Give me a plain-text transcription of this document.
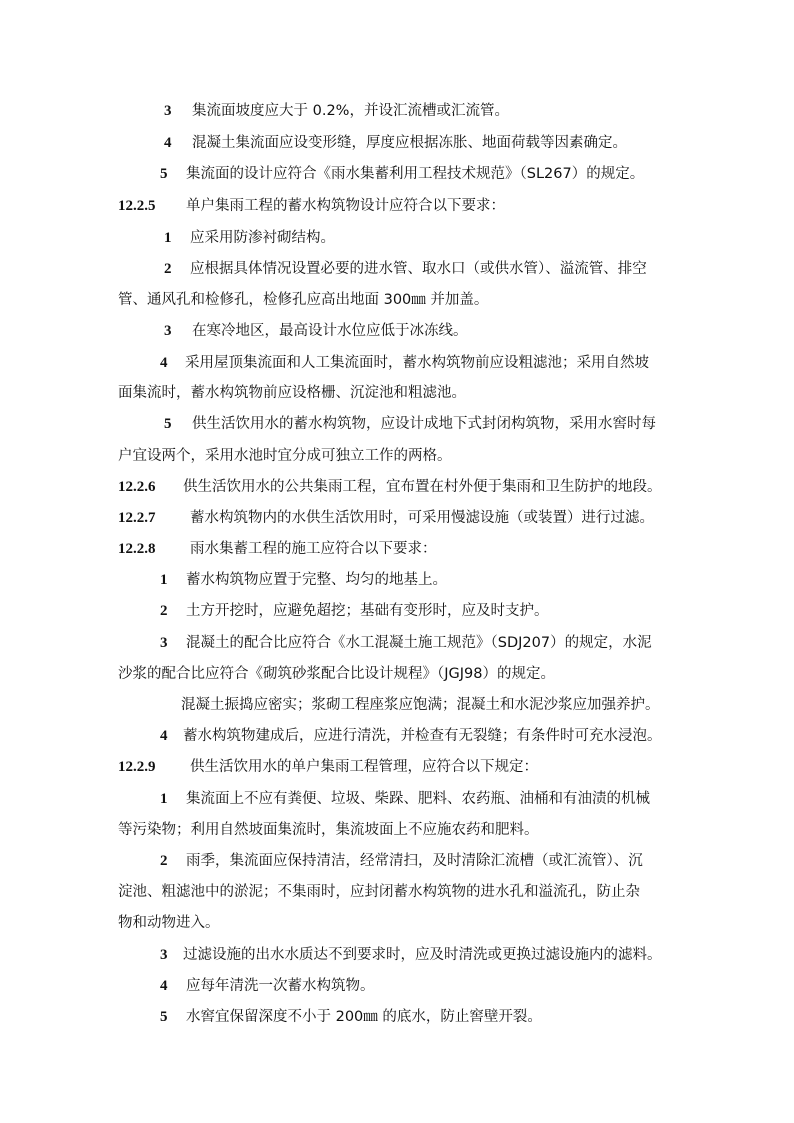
3 集流面坡度应大于 0.2%，并设汇流槽或汇流管。
4 混凝土集流面应设变形缝，厚度应根据冻胀、地面荷载等因素确定。
5 集流面的设计应符合《雨水集蓄利用工程技术规范》（SL267）的规定。
12.2.5 单户集雨工程的蓄水构筑物设计应符合以下要求：
1 应采用防渗衬砌结构。
2 应根据具体情况设置必要的进水管、取水口（或供水管）、溢流管、排空
管、通风孔和检修孔，检修孔应高出地面 300㎜ 并加盖。
3 在寒冷地区，最高设计水位应低于冰冻线。
4 采用屋顶集流面和人工集流面时，蓄水构筑物前应设粗滤池；采用自然坡
面集流时，蓄水构筑物前应设格栅、沉淀池和粗滤池。
5 供生活饮用水的蓄水构筑物，应设计成地下式封闭构筑物，采用水窖时每
户宜设两个，采用水池时宜分成可独立工作的两格。
12.2.6 供生活饮用水的公共集雨工程，宜布置在村外便于集雨和卫生防护的地段。
12.2.7 蓄水构筑物内的水供生活饮用时，可采用慢滤设施（或装置）进行过滤。
12.2.8 雨水集蓄工程的施工应符合以下要求：
1 蓄水构筑物应置于完整、均匀的地基上。
2 土方开挖时，应避免超挖；基础有变形时，应及时支护。
3 混凝土的配合比应符合《水工混凝土施工规范》（SDJ207）的规定，水泥
沙浆的配合比应符合《砌筑砂浆配合比设计规程》（JGJ98）的规定。
混凝土振捣应密实；浆砌工程座浆应饱满；混凝土和水泥沙浆应加强养护。
4 蓄水构筑物建成后，应进行清洗，并检查有无裂缝；有条件时可充水浸泡。
12.2.9 供生活饮用水的单户集雨工程管理，应符合以下规定：
1 集流面上不应有粪便、垃圾、柴跺、肥料、农药瓶、油桶和有油渍的机械
等污染物；利用自然坡面集流时，集流坡面上不应施农药和肥料。
2 雨季，集流面应保持清洁，经常清扫，及时清除汇流槽（或汇流管）、沉
淀池、粗滤池中的淤泥；不集雨时，应封闭蓄水构筑物的进水孔和溢流孔，防止杂
物和动物进入。
3 过滤设施的出水水质达不到要求时，应及时清洗或更换过滤设施内的滤料。
4 应每年清洗一次蓄水构筑物。
5 水窖宜保留深度不小于 200㎜ 的底水，防止窖壁开裂。
